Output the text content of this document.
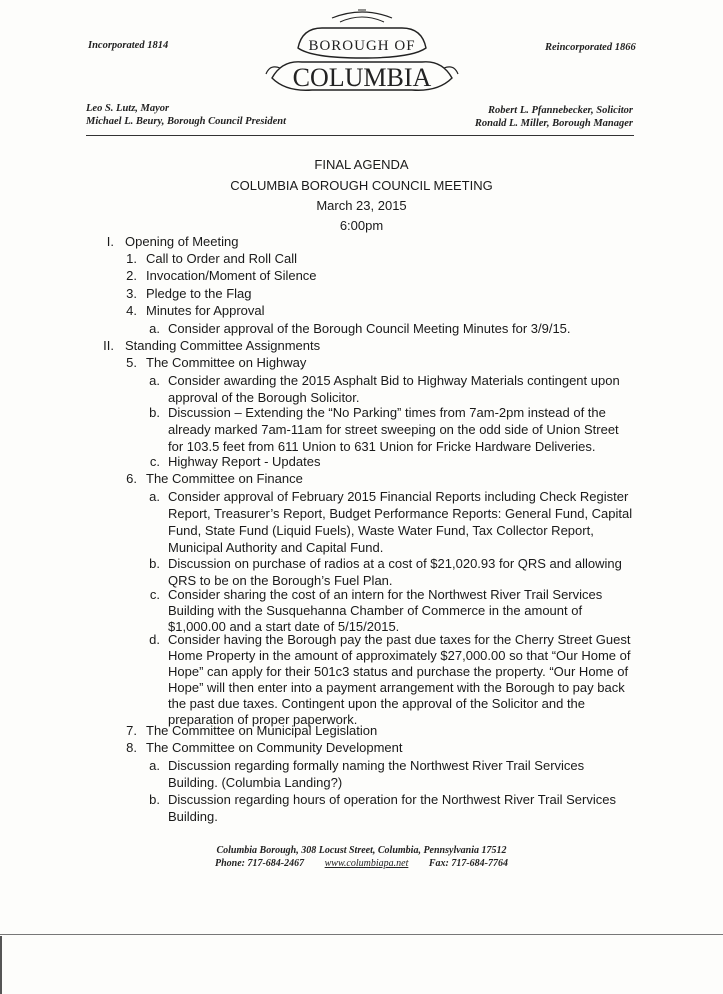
Incorporated 1814	Reincorporated 1866
BOROUGH OF
COLUMBIA
Leo S. Lutz, Mayor
Michael L. Beury, Borough Council President
Robert L. Pfannebecker, Solicitor
Ronald L. Miller, Borough Manager
FINAL AGENDA
COLUMBIA BOROUGH COUNCIL MEETING
March 23, 2015
6:00pm
I. Opening of Meeting
1. Call to Order and Roll Call
2. Invocation/Moment of Silence
3. Pledge to the Flag
4. Minutes for Approval
a. Consider approval of the Borough Council Meeting Minutes for 3/9/15.
II. Standing Committee Assignments
5. The Committee on Highway
a. Consider awarding the 2015 Asphalt Bid to Highway Materials contingent upon
approval of the Borough Solicitor.
b. Discussion – Extending the “No Parking” times from 7am-2pm instead of the
already marked 7am-11am for street sweeping on the odd side of Union Street
for 103.5 feet from 611 Union to 631 Union for Fricke Hardware Deliveries.
c. Highway Report - Updates
6. The Committee on Finance
a. Consider approval of February 2015 Financial Reports including Check Register
Report, Treasurer’s Report, Budget Performance Reports: General Fund, Capital
Fund, State Fund (Liquid Fuels), Waste Water Fund, Tax Collector Report,
Municipal Authority and Capital Fund.
b. Discussion on purchase of radios at a cost of $21,020.93 for QRS and allowing
QRS to be on the Borough’s Fuel Plan.
c. Consider sharing the cost of an intern for the Northwest River Trail Services
Building with the Susquehanna Chamber of Commerce in the amount of
$1,000.00 and a start date of 5/15/2015.
d. Consider having the Borough pay the past due taxes for the Cherry Street Guest
Home Property in the amount of approximately $27,000.00 so that “Our Home of
Hope” can apply for their 501c3 status and purchase the property. “Our Home of
Hope” will then enter into a payment arrangement with the Borough to pay back
the past due taxes. Contingent upon the approval of the Solicitor and the
preparation of proper paperwork.
7. The Committee on Municipal Legislation
8. The Committee on Community Development
a. Discussion regarding formally naming the Northwest River Trail Services
Building. (Columbia Landing?)
b. Discussion regarding hours of operation for the Northwest River Trail Services
Building.
Columbia Borough, 308 Locust Street, Columbia, Pennsylvania 17512
Phone: 717-684-2467 www.columbiapa.net Fax: 717-684-7764
